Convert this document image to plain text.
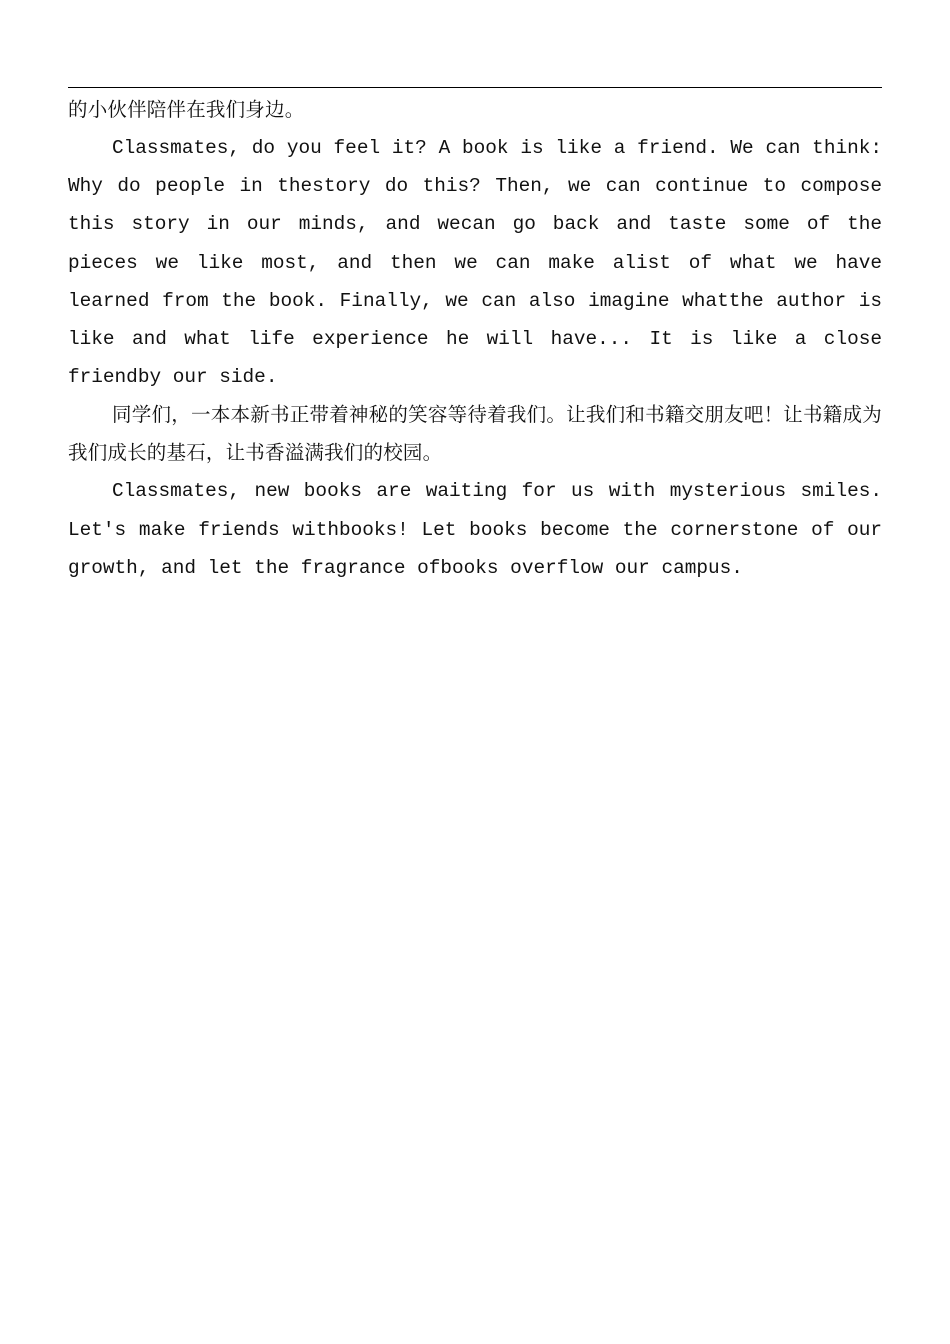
的小伙伴陪伴在我们身边。

Classmates, do you feel it? A book is like a friend. We can think: Why do people in thestory do this? Then, we can continue to compose this story in our minds, and wecan go back and taste some of the pieces we like most, and then we can make alist of what we have learned from the book. Finally, we can also imagine whatthe author is like and what life experience he will have... It is like a close friendby our side.

同学们，一本本新书正带着神秘的笑容等待着我们。让我们和书籍交朋友吧！让书籍成为我们成长的基石，让书香溢满我们的校园。

Classmates, new books are waiting for us with mysterious smiles. Let's make friends withbooks! Let books become the cornerstone of our growth, and let the fragrance ofbooks overflow our campus.
